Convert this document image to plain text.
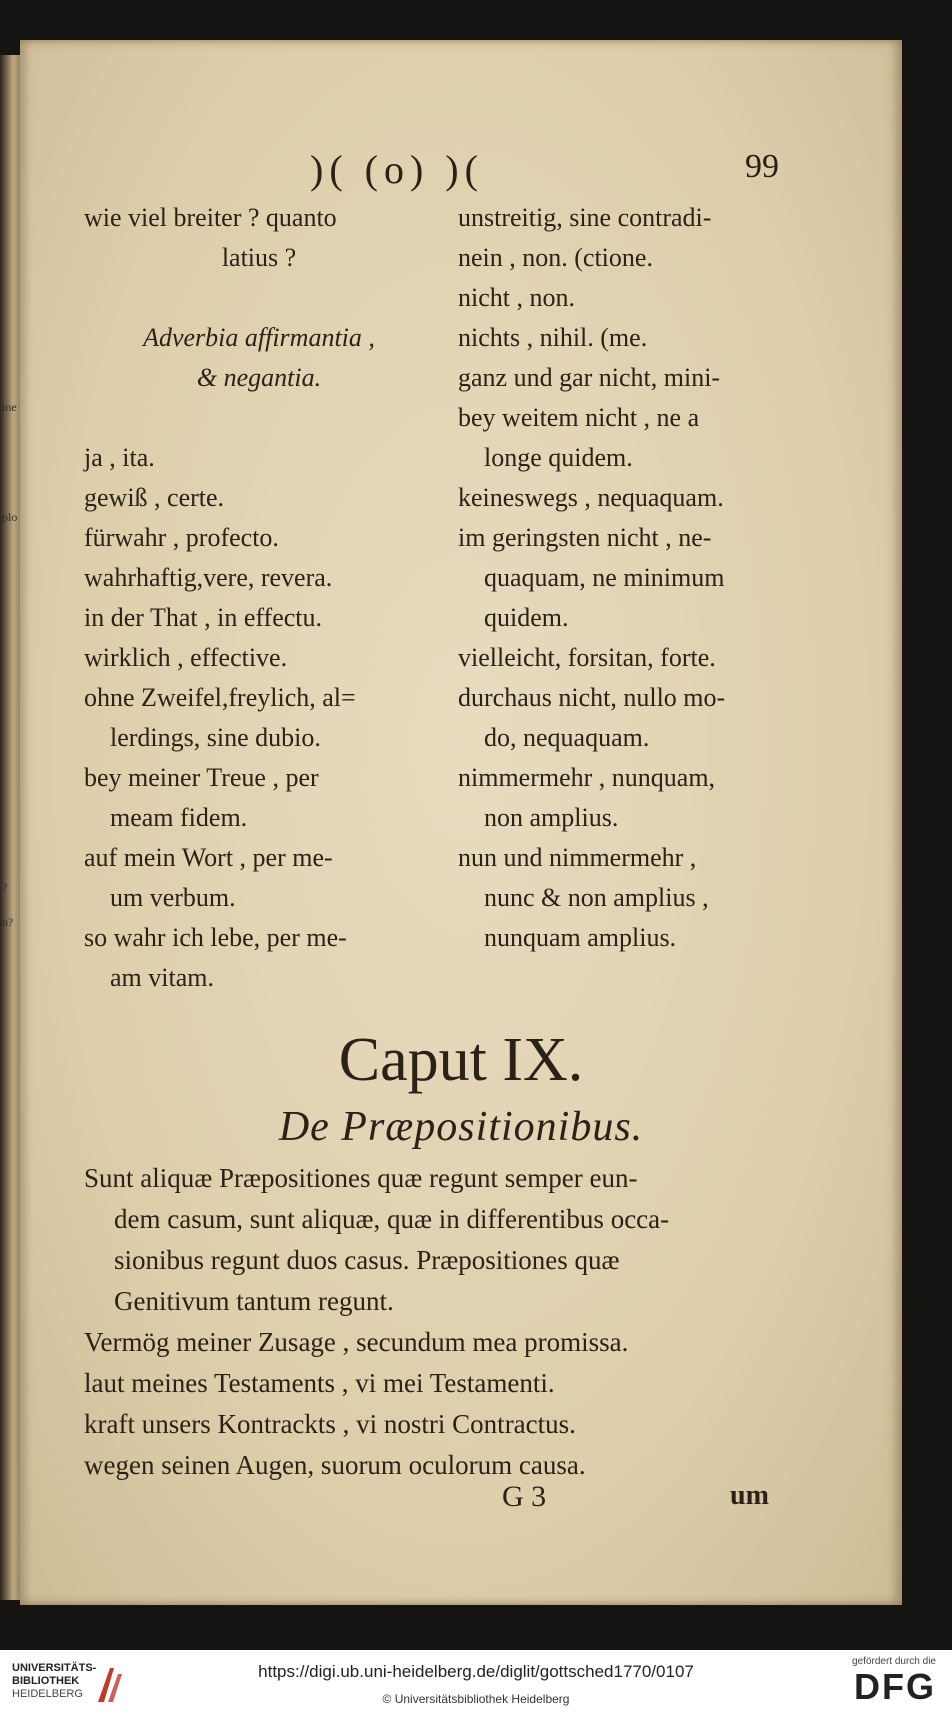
ine
plo
?
n?
)( (o) )(	99
wie viel breiter ? quanto
latius ?
Adverbia affirmantia ,
& negantia.
ja , ita.
gewiß , certe.
fürwahr , profecto.
wahrhaftig,vere, revera.
in der That , in effectu.
wirklich , effective.
ohne Zweifel,freylich, al=
lerdings, sine dubio.
bey meiner Treue , per
meam fidem.
auf mein Wort , per me-
um verbum.
so wahr ich lebe, per me-
am vitam.
unstreitig, sine contradi-
nein , non. (ctione.
nicht , non.
nichts , nihil. (me.
ganz und gar nicht, mini-
bey weitem nicht , ne a
longe quidem.
keineswegs , nequaquam.
im geringsten nicht , ne-
quaquam, ne minimum
quidem.
vielleicht, forsitan, forte.
durchaus nicht, nullo mo-
do, nequaquam.
nimmermehr , nunquam,
non amplius.
nun und nimmermehr ,
nunc & non amplius ,
nunquam amplius.
Caput IX.
De Præpositionibus.
Sunt aliquæ Præpositiones quæ regunt semper eun-
dem casum, sunt aliquæ, quæ in differentibus occa-
sionibus regunt duos casus. Præpositiones quæ
Genitivum tantum regunt.
Vermög meiner Zusage , secundum mea promissa.
laut meines Testaments , vi mei Testamenti.
kraft unsers Kontrackts , vi nostri Contractus.
wegen seinen Augen, suorum oculorum causa.
G 3	um
UNIVERSITÄTS-
BIBLIOTHEK
HEIDELBERG
https://digi.ub.uni-heidelberg.de/diglit/gottsched1770/0107
© Universitätsbibliothek Heidelberg
gefördert durch die
DFG
